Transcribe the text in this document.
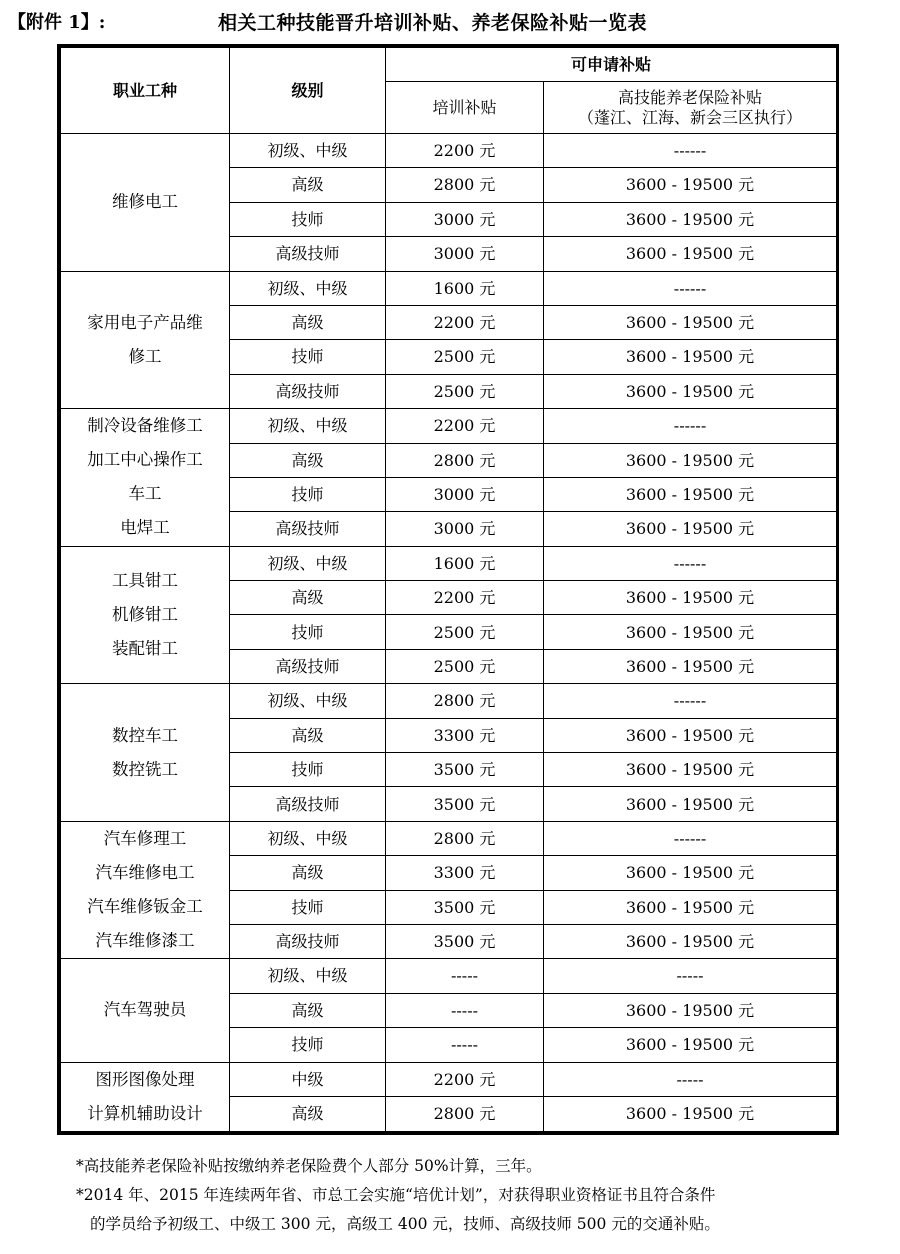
【附件 1】:	相关工种技能晋升培训补贴、养老保险补贴一览表
职业工种	级别	可申请补贴	
		培训补贴	高技能养老保险补贴
（蓬江、江海、新会三区执行）

维修电工	初级、中级	2200 元	------
	高级	2800 元	3600 - 19500 元
	技师	3000 元	3600 - 19500 元
	高级技师	3000 元	3600 - 19500 元

家用电子产品维
修工	初级、中级	1600 元	------
	高级	2200 元	3600 - 19500 元
	技师	2500 元	3600 - 19500 元
	高级技师	2500 元	3600 - 19500 元

制冷设备维修工
加工中心操作工
车工
电焊工	初级、中级	2200 元	------
	高级	2800 元	3600 - 19500 元
	技师	3000 元	3600 - 19500 元
	高级技师	3000 元	3600 - 19500 元

工具钳工
机修钳工
装配钳工	初级、中级	1600 元	------
	高级	2200 元	3600 - 19500 元
	技师	2500 元	3600 - 19500 元
	高级技师	2500 元	3600 - 19500 元

数控车工
数控铣工	初级、中级	2800 元	------
	高级	3300 元	3600 - 19500 元
	技师	3500 元	3600 - 19500 元
	高级技师	3500 元	3600 - 19500 元

汽车修理工
汽车维修电工
汽车维修钣金工
汽车维修漆工	初级、中级	2800 元	------
	高级	3300 元	3600 - 19500 元
	技师	3500 元	3600 - 19500 元
	高级技师	3500 元	3600 - 19500 元

汽车驾驶员	初级、中级	-----	-----
	高级	-----	3600 - 19500 元
	技师	-----	3600 - 19500 元

图形图像处理
计算机辅助设计	中级	2200 元	-----
	高级	2800 元	3600 - 19500 元
*高技能养老保险补贴按缴纳养老保险费个人部分 50%计算，三年。
*2014 年、2015 年连续两年省、市总工会实施“培优计划”，对获得职业资格证书且符合条件
的学员给予初级工、中级工 300 元，高级工 400 元，技师、高级技师 500 元的交通补贴。
